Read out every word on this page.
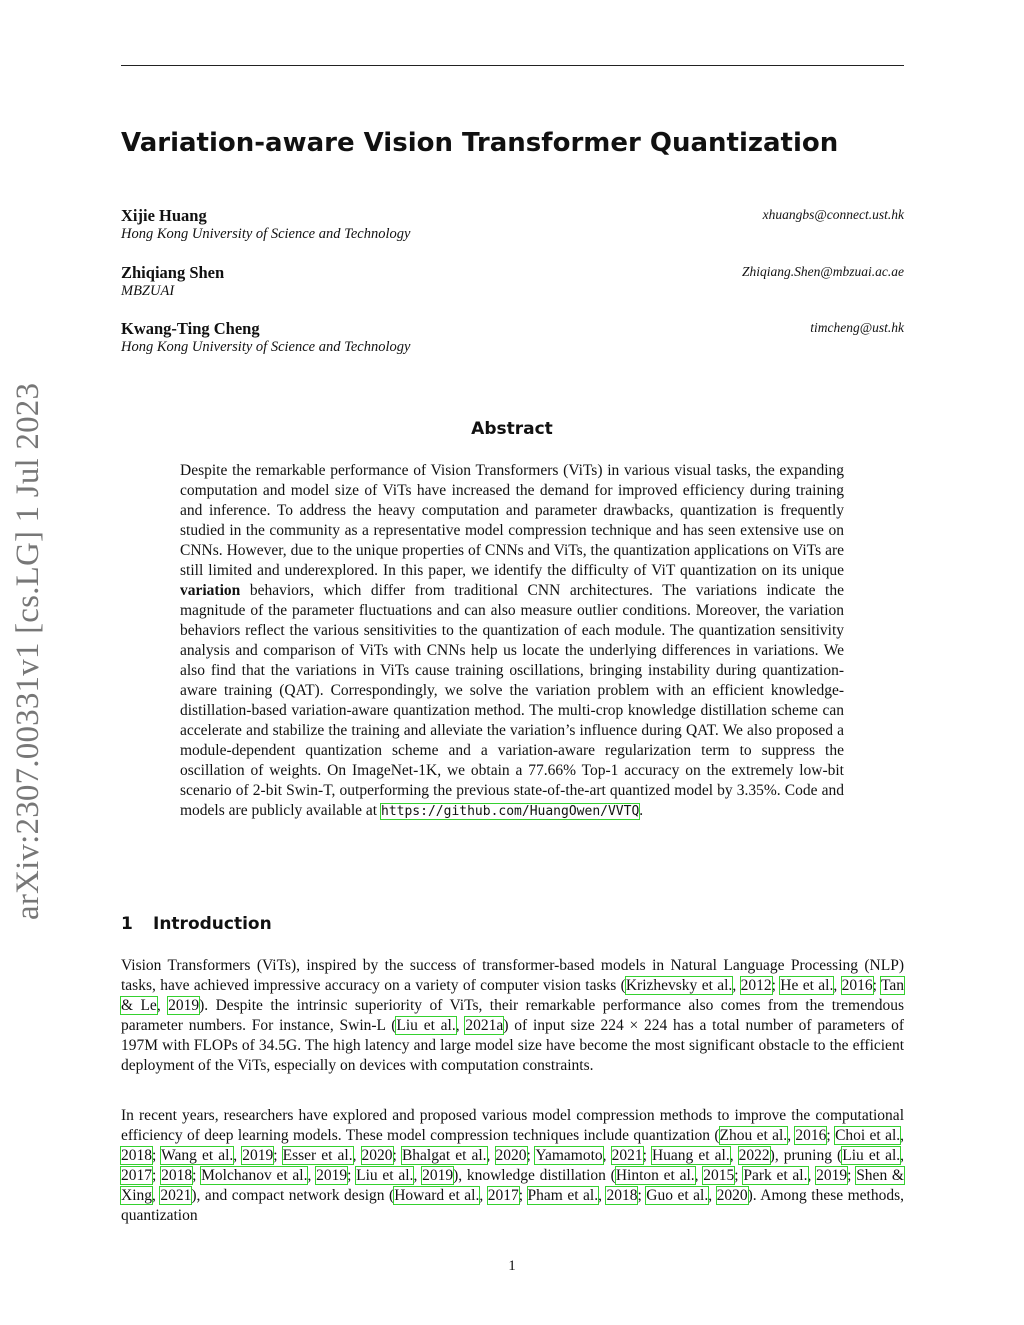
arXiv:2307.00331v1 [cs.LG] 1 Jul 2023
Variation-aware Vision Transformer Quantization
Xijie Huang
Hong Kong University of Science and Technology
xhuangbs@connect.ust.hk
Zhiqiang Shen
MBZUAI
Zhiqiang.Shen@mbzuai.ac.ae
Kwang-Ting Cheng
Hong Kong University of Science and Technology
timcheng@ust.hk
Abstract

Despite the remarkable performance of Vision Transformers (ViTs) in various visual tasks, the expanding computation and model size of ViTs have increased the demand for improved efficiency during training and inference. To address the heavy computation and parameter drawbacks, quantization is frequently studied in the community as a representative model compression technique and has seen extensive use on CNNs. However, due to the unique properties of CNNs and ViTs, the quantization applications on ViTs are still limited and underexplored. In this paper, we identify the difficulty of ViT quantization on its unique variation behaviors, which differ from traditional CNN architectures. The variations indicate the magnitude of the parameter fluctuations and can also measure outlier conditions. Moreover, the variation behaviors reflect the various sensitivities to the quantization of each module. The quantization sensitivity analysis and comparison of ViTs with CNNs help us locate the underlying differences in variations. We also find that the variations in ViTs cause training oscillations, bringing instability during quantization-aware training (QAT). Correspondingly, we solve the variation problem with an efficient knowledge-distillation-based variation-aware quantization method. The multi-crop knowledge distillation scheme can accelerate and stabilize the training and alleviate the variation’s influence during QAT. We also proposed a module-dependent quantization scheme and a variation-aware regularization term to suppress the oscillation of weights. On ImageNet-1K, we obtain a 77.66% Top-1 accuracy on the extremely low-bit scenario of 2-bit Swin-T, outperforming the previous state-of-the-art quantized model by 3.35%. Code and models are publicly available at https://github.com/HuangOwen/VVTQ.

1 Introduction

Vision Transformers (ViTs), inspired by the success of transformer-based models in Natural Language Processing (NLP) tasks, have achieved impressive accuracy on a variety of computer vision tasks (Krizhevsky et al., 2012; He et al., 2016; Tan & Le, 2019). Despite the intrinsic superiority of ViTs, their remarkable performance also comes from the tremendous parameter numbers. For instance, Swin-L (Liu et al., 2021a) of input size 224 × 224 has a total number of parameters of 197M with FLOPs of 34.5G. The high latency and large model size have become the most significant obstacle to the efficient deployment of the ViTs, especially on devices with computation constraints.

In recent years, researchers have explored and proposed various model compression methods to improve the computational efficiency of deep learning models. These model compression techniques include quantization (Zhou et al., 2016; Choi et al., 2018; Wang et al., 2019; Esser et al., 2020; Bhalgat et al., 2020; Yamamoto, 2021; Huang et al., 2022), pruning (Liu et al., 2017; 2018; Molchanov et al., 2019; Liu et al., 2019), knowledge distillation (Hinton et al., 2015; Park et al., 2019; Shen & Xing, 2021), and compact network design (Howard et al., 2017; Pham et al., 2018; Guo et al., 2020). Among these methods, quantization

1
